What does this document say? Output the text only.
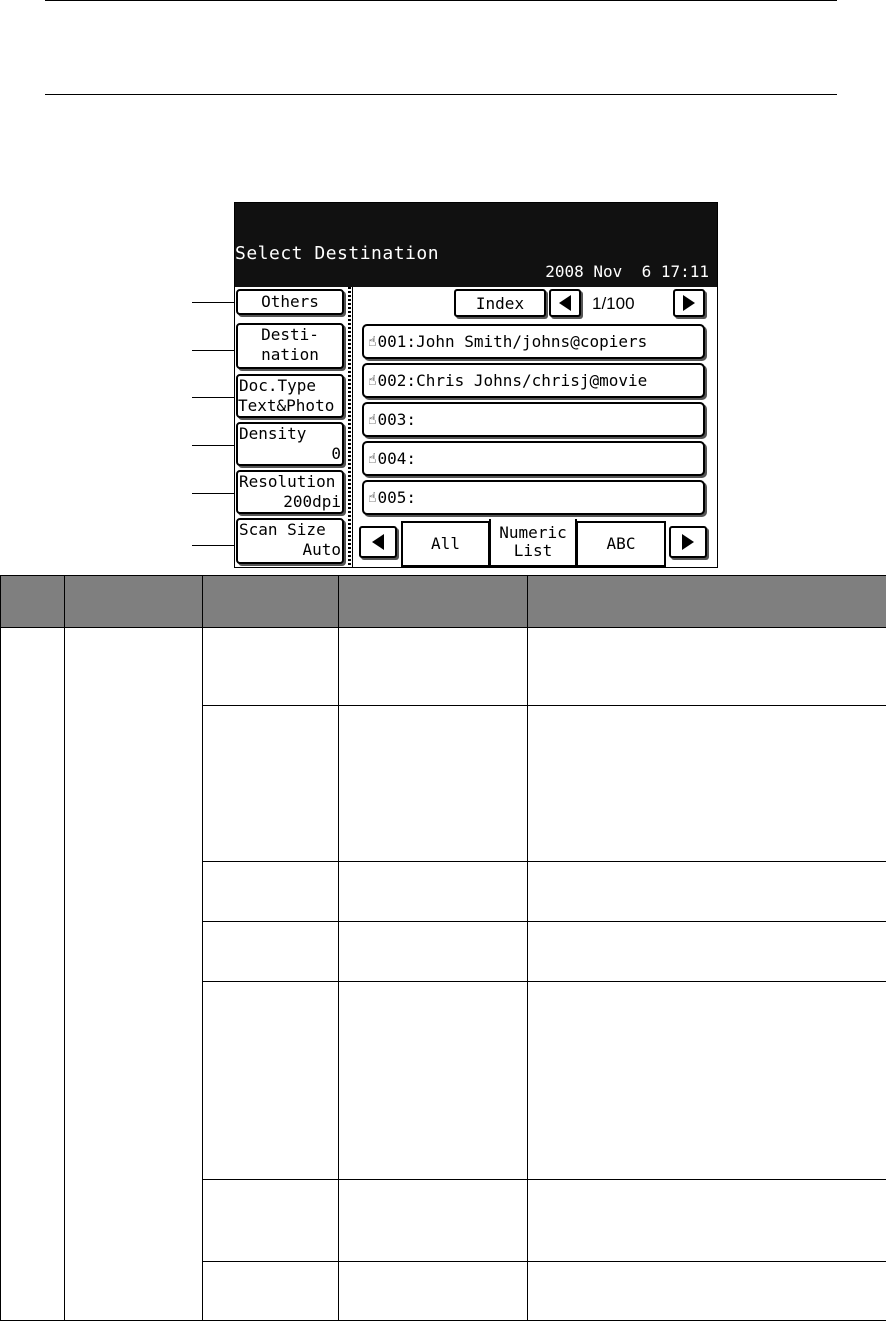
Select Destination
2008 Nov  6 17:11
Others
Desti-
nation
Doc.Type
Text&Photo
Density
0
Resolution
200dpi
Scan Size
Auto
Index	1/100
☝ 001:John Smith/johns@copiers
☝ 002:Chris Johns/chrisj@movie
☝ 003:
☝ 004:
☝ 005:
All
Numeric
List	ABC
